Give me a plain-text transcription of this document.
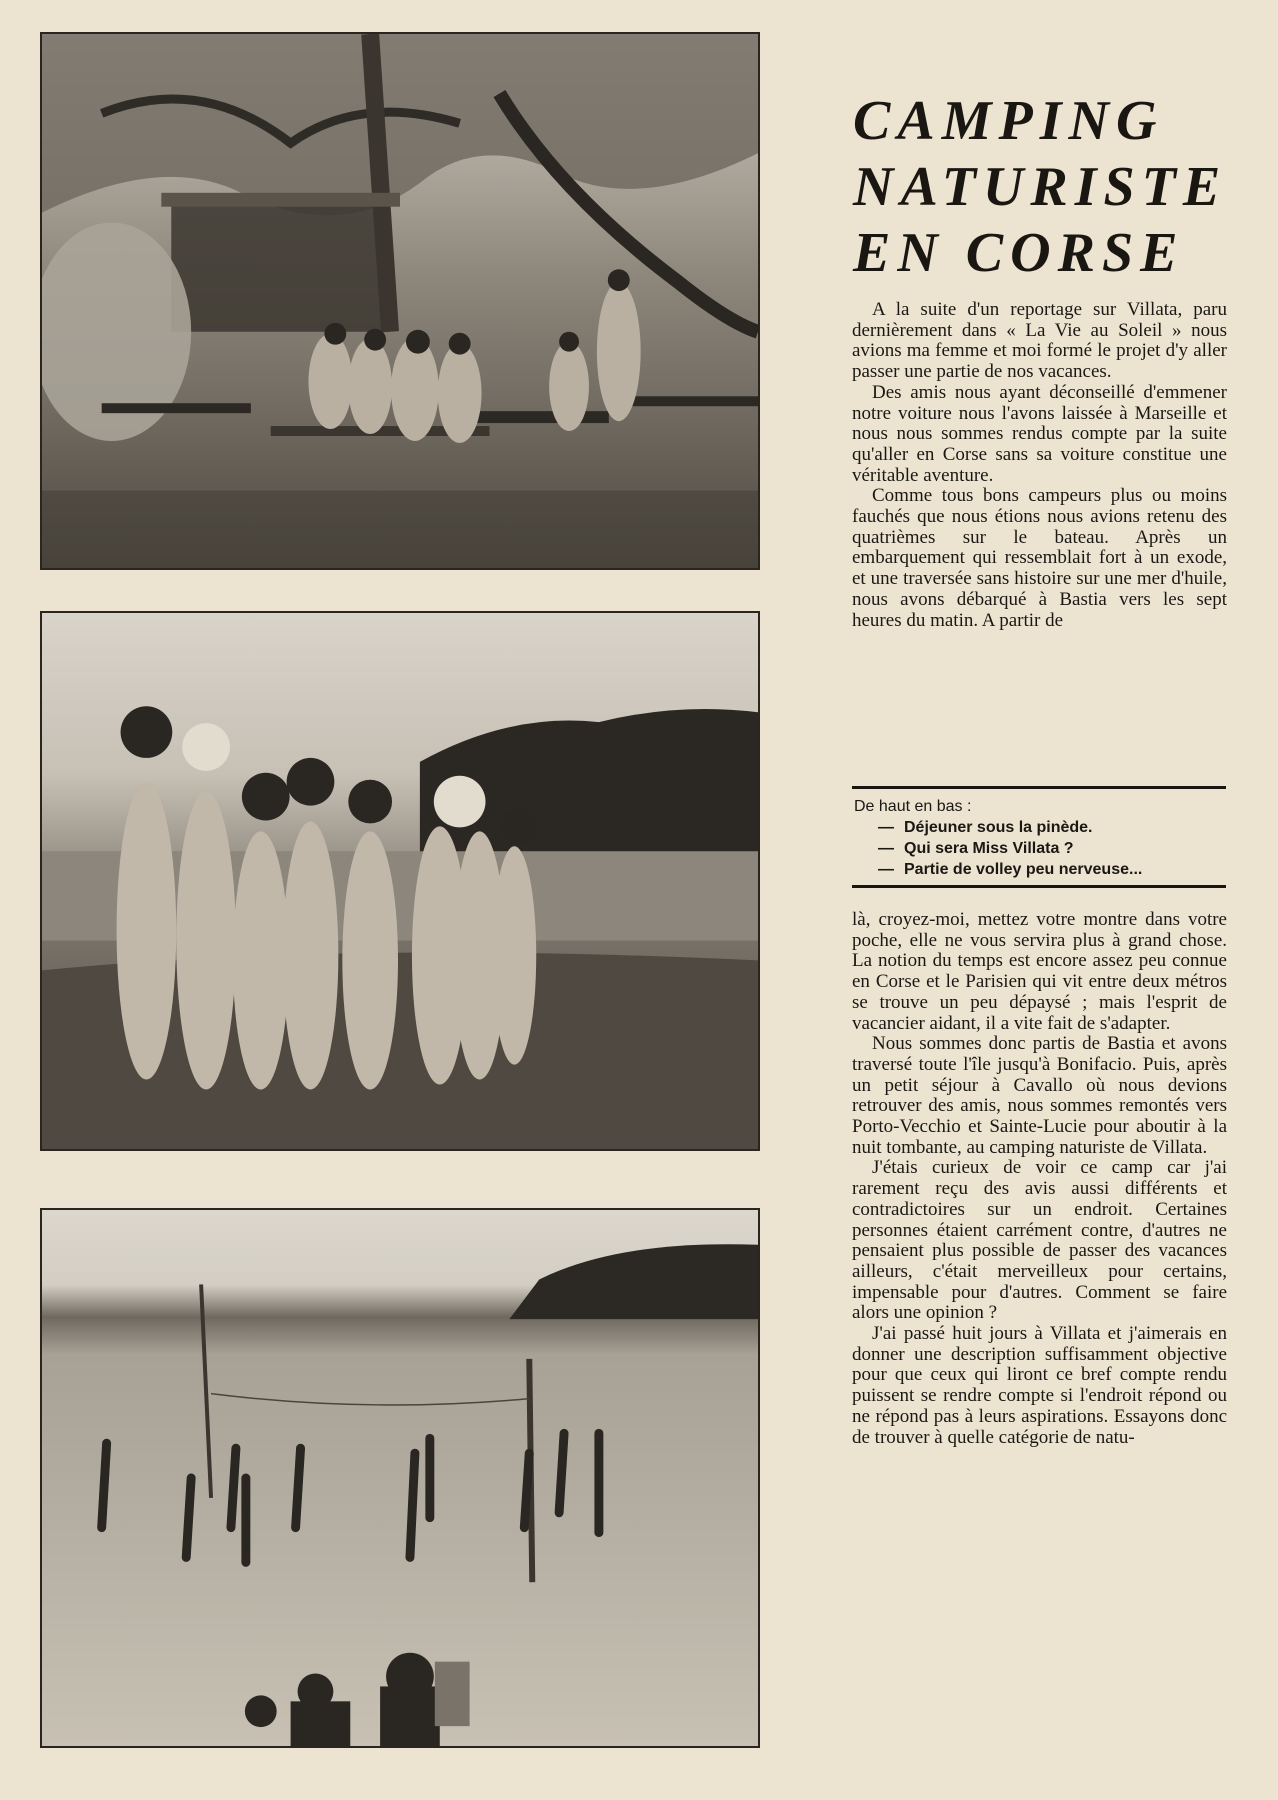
CAMPING
NATURISTE
EN CORSE

A la suite d'un reportage sur Villata, paru dernièrement dans « La Vie au Soleil » nous avions ma femme et moi formé le projet d'y aller passer une partie de nos vacances.

Des amis nous ayant déconseillé d'emmener notre voiture nous l'avons laissée à Marseille et nous nous sommes rendus compte par la suite qu'aller en Corse sans sa voiture constitue une véritable aventure.

Comme tous bons campeurs plus ou moins fauchés que nous étions nous avions retenu des quatrièmes sur le bateau. Après un embarquement qui ressemblait fort à un exode, et une traversée sans histoire sur une mer d'huile, nous avons débarqué à Bastia vers les sept heures du matin. A partir de

De haut en bas :

— Déjeuner sous la pinède.

— Qui sera Miss Villata ?

— Partie de volley peu nerveuse...

là, croyez-moi, mettez votre montre dans votre poche, elle ne vous servira plus à grand chose. La notion du temps est encore assez peu connue en Corse et le Parisien qui vit entre deux métros se trouve un peu dépaysé ; mais l'esprit de vacancier aidant, il a vite fait de s'adapter.

Nous sommes donc partis de Bastia et avons traversé toute l'île jusqu'à Bonifacio. Puis, après un petit séjour à Cavallo où nous devions retrouver des amis, nous sommes remontés vers Porto-Vecchio et Sainte-Lucie pour aboutir à la nuit tombante, au camping naturiste de Villata.

J'étais curieux de voir ce camp car j'ai rarement reçu des avis aussi différents et contradictoires sur un endroit. Certaines personnes étaient carrément contre, d'autres ne pensaient plus possible de passer des vacances ailleurs, c'était merveilleux pour certains, impensable pour d'autres. Comment se faire alors une opinion ?

J'ai passé huit jours à Villata et j'aimerais en donner une description suffisamment objective pour que ceux qui liront ce bref compte rendu puissent se rendre compte si l'endroit répond ou ne répond pas à leurs aspirations. Essayons donc de trouver à quelle catégorie de natu-
